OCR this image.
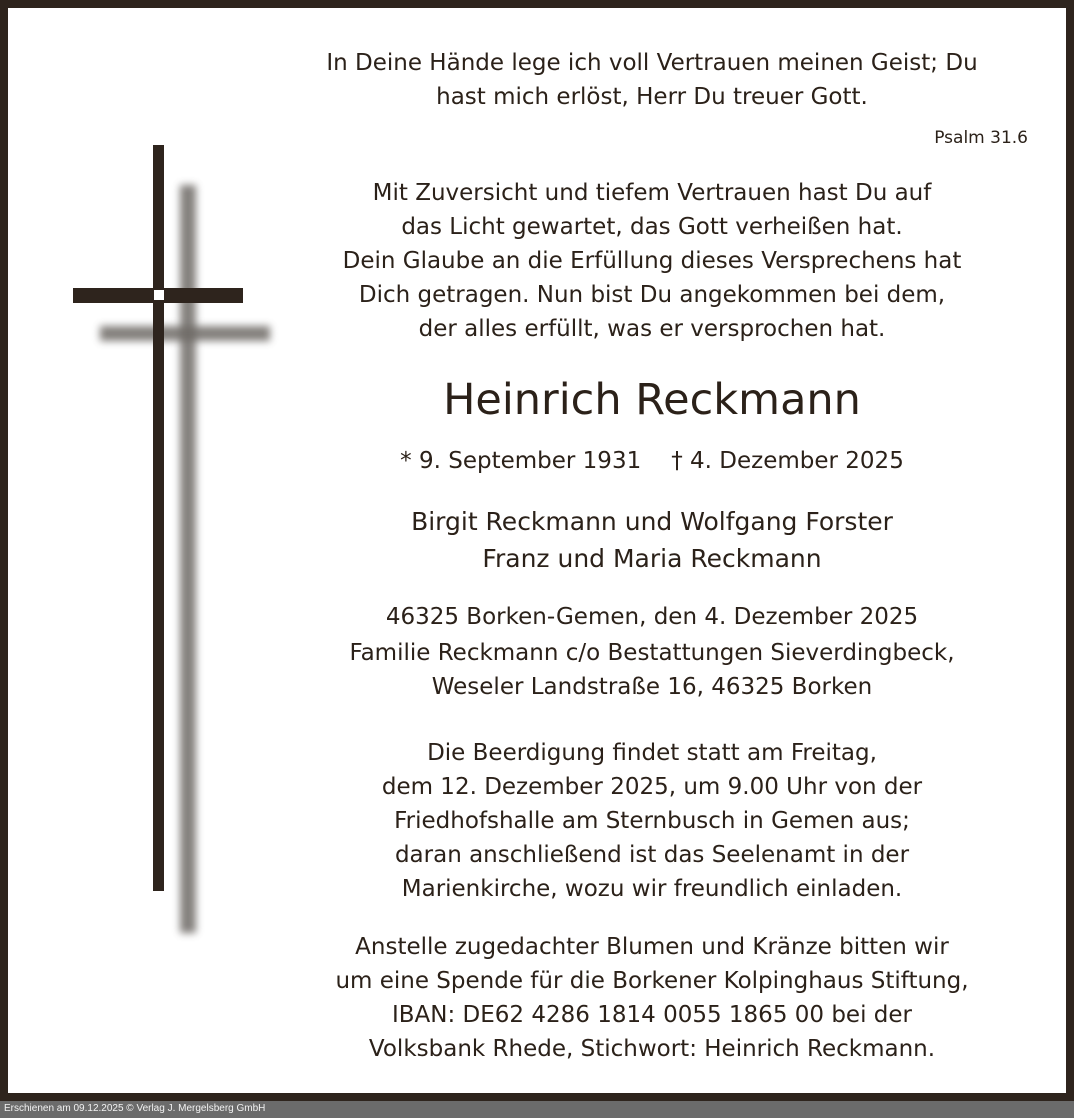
In Deine Hände lege ich voll Vertrauen meinen Geist; Du
hast mich erlöst, Herr Du treuer Gott.
Psalm 31.6
Mit Zuversicht und tiefem Vertrauen hast Du auf
das Licht gewartet, das Gott verheißen hat.
Dein Glaube an die Erfüllung dieses Versprechens hat
Dich getragen. Nun bist Du angekommen bei dem,
der alles erfüllt, was er versprochen hat.
Heinrich Reckmann
* 9. September 1931 † 4. Dezember 2025
Birgit Reckmann und Wolfgang Forster
Franz und Maria Reckmann
46325 Borken-Gemen, den 4. Dezember 2025
Familie Reckmann c/o Bestattungen Sieverdingbeck,
Weseler Landstraße 16, 46325 Borken
Die Beerdigung findet statt am Freitag,
dem 12. Dezember 2025, um 9.00 Uhr von der
Friedhofshalle am Sternbusch in Gemen aus;
daran anschließend ist das Seelenamt in der
Marienkirche, wozu wir freundlich einladen.
Anstelle zugedachter Blumen und Kränze bitten wir
um eine Spende für die Borkener Kolpinghaus Stiftung,
IBAN: DE62 4286 1814 0055 1865 00 bei der
Volksbank Rhede, Stichwort: Heinrich Reckmann.
Erschienen am 09.12.2025 © Verlag J. Mergelsberg GmbH
